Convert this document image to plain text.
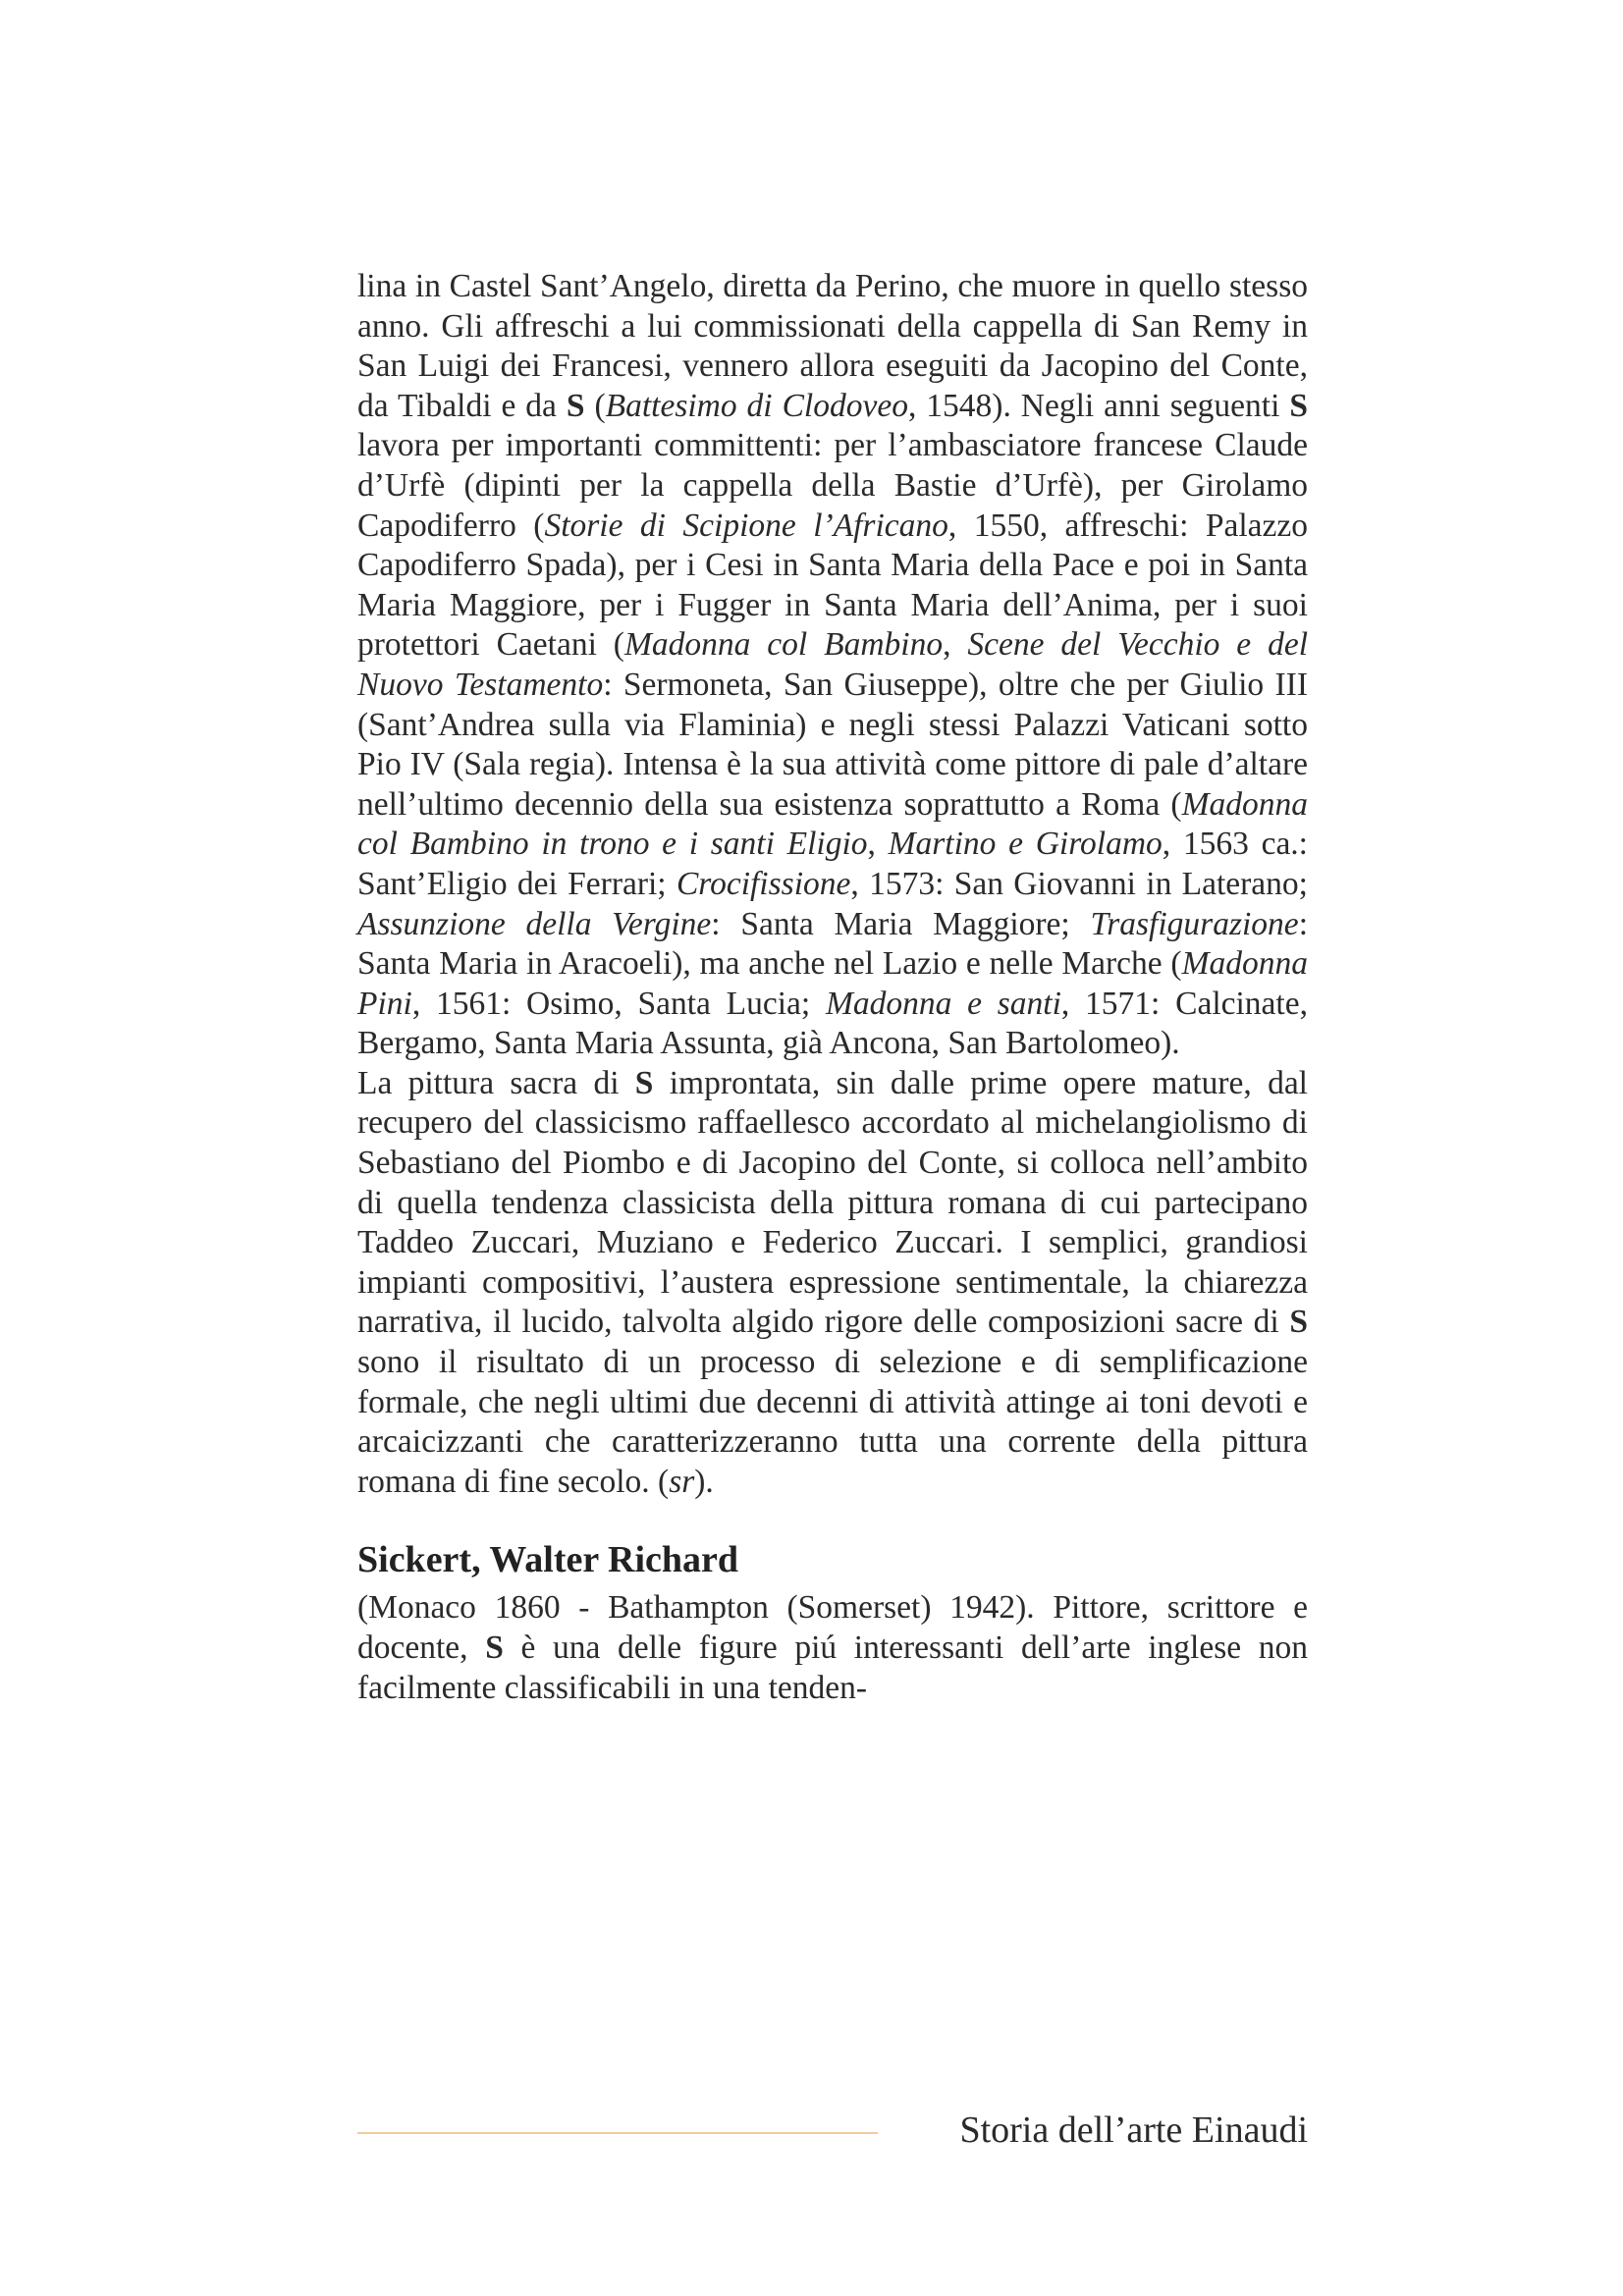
lina in Castel Sant’Angelo, diretta da Perino, che muore in quello stesso anno. Gli affreschi a lui commissionati della cappella di San Remy in San Luigi dei Francesi, vennero allora eseguiti da Jacopino del Conte, da Tibaldi e da S (Battesimo di Clodoveo, 1548). Negli anni seguenti S lavora per importanti committenti: per l’ambasciatore francese Claude d’Urfè (dipinti per la cappella della Bastie d’Urfè), per Girolamo Capodiferro (Storie di Scipione l’Africano, 1550, affreschi: Palazzo Capodiferro Spada), per i Cesi in Santa Maria della Pace e poi in Santa Maria Maggiore, per i Fugger in Santa Maria dell’Anima, per i suoi protettori Caetani (Madonna col Bambino, Scene del Vecchio e del Nuovo Testamento: Sermoneta, San Giuseppe), oltre che per Giulio III (Sant’Andrea sulla via Flaminia) e negli stessi Palazzi Vaticani sotto Pio IV (Sala regia). Intensa è la sua attività come pittore di pale d’altare nell’ultimo decennio della sua esistenza soprattutto a Roma (Madonna col Bambino in trono e i santi Eligio, Martino e Girolamo, 1563 ca.: Sant’Eligio dei Ferrari; Crocifissione, 1573: San Giovanni in Laterano; Assunzione della Vergine: Santa Maria Maggiore; Trasfigurazione: Santa Maria in Aracoeli), ma anche nel Lazio e nelle Marche (Madonna Pini, 1561: Osimo, Santa Lucia; Madonna e santi, 1571: Calcinate, Bergamo, Santa Maria Assunta, già Ancona, San Bartolomeo).

La pittura sacra di S improntata, sin dalle prime opere mature, dal recupero del classicismo raffaellesco accordato al michelangiolismo di Sebastiano del Piombo e di Jacopino del Conte, si colloca nell’ambito di quella tendenza classicista della pittura romana di cui partecipano Taddeo Zuccari, Muziano e Federico Zuccari. I semplici, grandiosi impianti compositivi, l’austera espressione sentimentale, la chiarezza narrativa, il lucido, talvolta algido rigore delle composizioni sacre di S sono il risultato di un processo di selezione e di semplificazione formale, che negli ultimi due decenni di attività attinge ai toni devoti e arcaicizzanti che caratterizzeranno tutta una corrente della pittura romana di fine secolo. (sr).

Sickert, Walter Richard

(Monaco 1860 - Bathampton (Somerset) 1942). Pittore, scrittore e docente, S è una delle figure piú interessanti dell’arte inglese non facilmente classificabili in una tenden-

Storia dell’arte Einaudi
